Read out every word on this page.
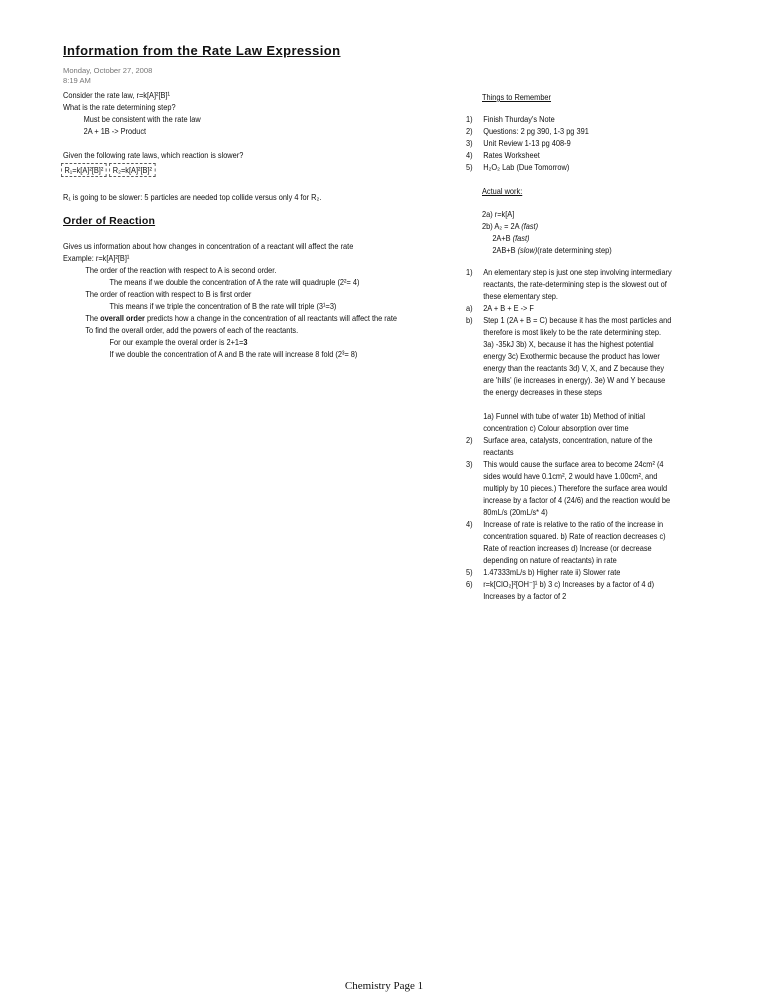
Information from the Rate Law Expression
Monday, October 27, 2008
8:19 AM
Consider the rate law, r=k[A]²[B]¹
What is the rate determining step?
Must be consistent with the rate law
2A + 1B -> Product
Given the following rate laws, which reaction is slower?
R₁=k[A]²[B]² R₂=k[A]²[B]²
R₁ is going to be slower: 5 particles are needed top collide versus only 4 for R₂.
Order of Reaction
Gives us information about how changes in concentration of a reactant will affect the rate
Example: r=k[A]²[B]¹
The order of the reaction with respect to A is second order.
The means if we double the concentration of A the rate will quadruple (2²= 4)
The order of reaction with respect to B is first order
This means if we triple the concentration of B the rate will triple (3¹=3)
The overall order predicts how a change in the concentration of all reactants will affect the rate
To find the overall order, add the powers of each of the reactants.
For our example the overal order is 2+1=3
If we double the concentration of A and B the rate will increase 8 fold (2³= 8)
Things to Remember
1) Finish Thurday's Note
2) Questions: 2 pg 390, 1-3 pg 391
3) Unit Review 1-13 pg 408-9
4) Rates Worksheet
5) H₂O₂ Lab (Due Tomorrow)
Actual work:
2a) r=k[A]
2b) A₂ = 2A (fast)
2A+B (fast)
2AB+B (slow)(rate determining step)
1) An elementary step is just one step involving intermediary reactants, the rate-determining step is the slowest out of these elementary step.
a) 2A + B + E -> F
b) Step 1 (2A + B = C) because it has the most particles and therefore is most likely to be the rate determining step.
3a) -35kJ 3b) X, because it has the highest potential energy 3c) Exothermic because the product has lower energy than the reactants 3d) V, X, and Z because they are 'hills' (ie increases in energy). 3e) W and Y because the energy decreases in these steps
1a) Funnel with tube of water 1b) Method of initial concentration c) Colour absorption over time
2) Surface area, catalysts, concentration, nature of the reactants
3) This would cause the surface area to become 24cm² (4 sides would have 0.1cm², 2 would have 1.00cm², and multiply by 10 pieces.) Therefore the surface area would increase by a factor of 4 (24/6) and the reaction would be 80mL/s (20mL/s* 4)
4) Increase of rate is relative to the ratio of the increase in concentration squared. b) Rate of reaction decreases c) Rate of reaction increases d) Increase (or decrease depending on nature of reactants) in rate
5) 1.47333mL/s b) Higher rate ii) Slower rate
6) r=k[ClO₂]²[OH⁻]¹ b) 3 c) Increases by a factor of 4 d) Increases by a factor of 2
Chemistry Page 1
